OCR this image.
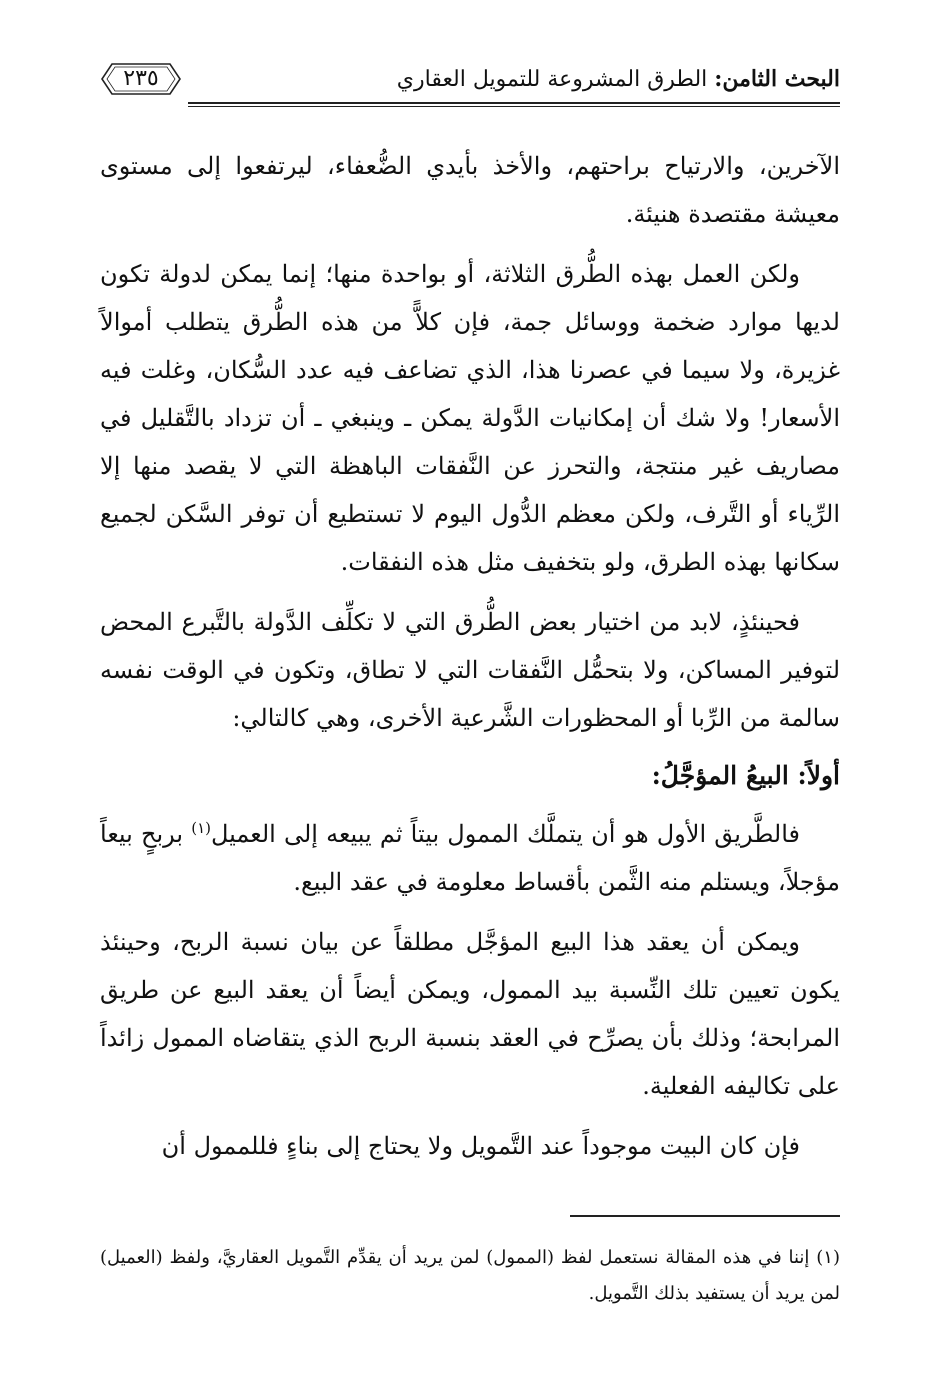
البحث الثامن: الطرق المشروعة للتمويل العقاري
٢٣٥

الآخرين، والارتياح براحتهم، والأخذ بأيدي الضُّعفاء، ليرتفعوا إلى مستوى معيشة مقتصدة هنيئة.

ولكن العمل بهذه الطُّرق الثلاثة، أو بواحدة منها؛ إنما يمكن لدولة تكون لديها موارد ضخمة ووسائل جمة، فإن كلاًّ من هذه الطُّرق يتطلب أموالاً غزيرة، ولا سيما في عصرنا هذا، الذي تضاعف فيه عدد السُّكان، وغلت فيه الأسعار! ولا شك أن إمكانيات الدَّولة يمكن ـ وينبغي ـ أن تزداد بالتَّقليل في مصاريف غير منتجة، والتحرز عن النَّفقات الباهظة التي لا يقصد منها إلا الرِّياء أو التَّرف، ولكن معظم الدُّول اليوم لا تستطيع أن توفر السَّكن لجميع سكانها بهذه الطرق، ولو بتخفيف مثل هذه النفقات.

فحينئذٍ، لابد من اختيار بعض الطُّرق التي لا تكلِّف الدَّولة بالتَّبرع المحض لتوفير المساكن، ولا بتحمُّل النَّفقات التي لا تطاق، وتكون في الوقت نفسه سالمة من الرِّبا أو المحظورات الشَّرعية الأخرى، وهي كالتالي:

أولاً: البيعُ المؤجَّلُ:

فالطَّريق الأول هو أن يتملَّك الممول بيتاً ثم يبيعه إلى العميل$^{(١)}$ بربحٍ بيعاً مؤجلاً، ويستلم منه الثَّمن بأقساط معلومة في عقد البيع.

ويمكن أن يعقد هذا البيع المؤجَّل مطلقاً عن بيان نسبة الربح، وحينئذ يكون تعيين تلك النِّسبة بيد الممول، ويمكن أيضاً أن يعقد البيع عن طريق المرابحة؛ وذلك بأن يصرِّح في العقد بنسبة الربح الذي يتقاضاه الممول زائداً على تكاليفه الفعلية.

فإن كان البيت موجوداً عند التَّمويل ولا يحتاج إلى بناءٍ فللممول أن

(١) إننا في هذه المقالة نستعمل لفظ (الممول) لمن يريد أن يقدِّم التَّمويل العقاريَّ، ولفظ (العميل) لمن يريد أن يستفيد بذلك التَّمويل.
